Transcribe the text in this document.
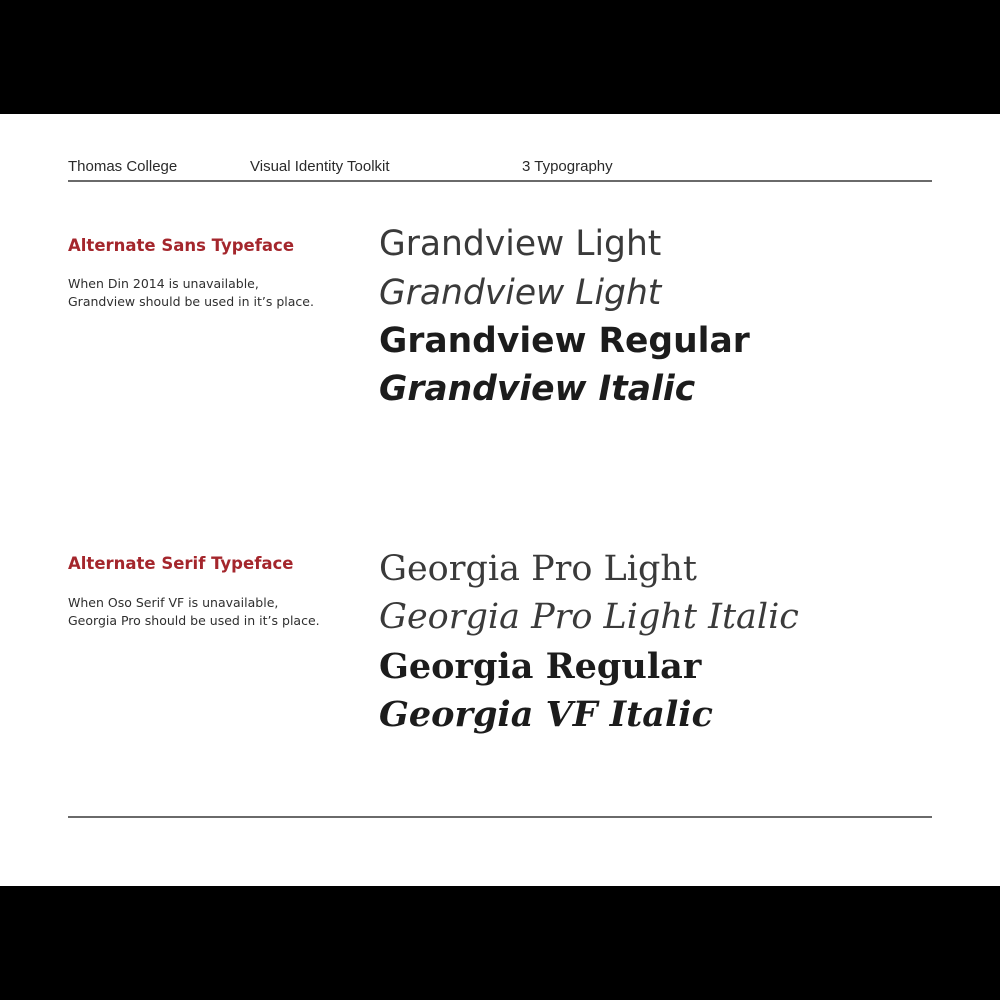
Thomas College	Visual Identity Toolkit	3 Typography
Alternate Sans Typeface

When Din 2014 is unavailable, Grandview should be used in it’s place.

Grandview Light
Grandview Light
Grandview Regular
Grandview Italic
Alternate Serif Typeface

When Oso Serif VF is unavailable, Georgia Pro should be used in it’s place.

Georgia Pro Light
Georgia Pro Light Italic
Georgia Regular
Georgia VF Italic
